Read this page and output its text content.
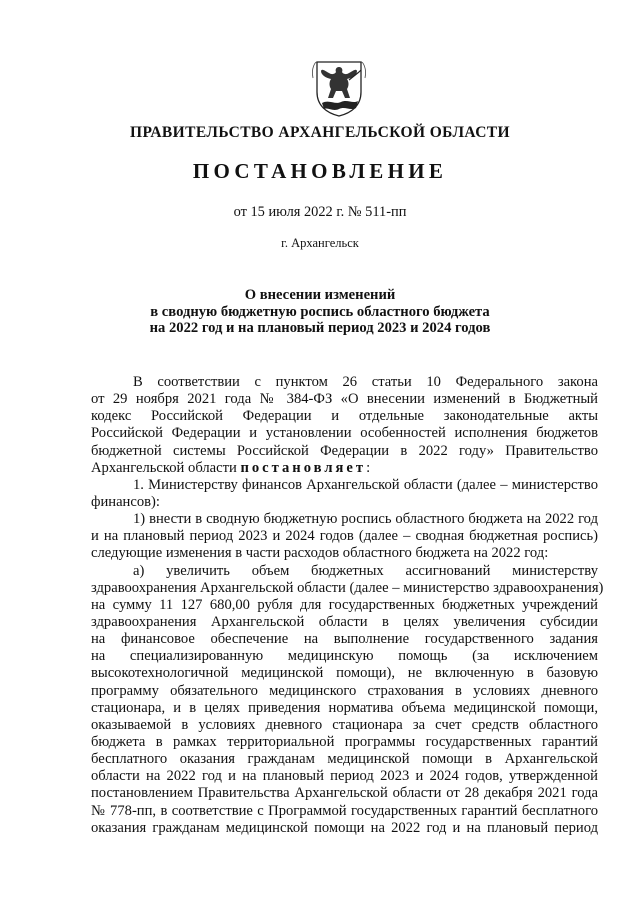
ПРАВИТЕЛЬСТВО АРХАНГЕЛЬСКОЙ ОБЛАСТИ
ПОСТАНОВЛЕНИЕ
от 15 июля 2022 г. № 511-пп
г. Архангельск
О внесении изменений
в сводную бюджетную роспись областного бюджета
на 2022 год и на плановый период 2023 и 2024 годов
В соответствии с пунктом 26 статьи 10 Федерального закона
от 29 ноября 2021 года № 384-ФЗ «О внесении изменений в Бюджетный
кодекс Российской Федерации и отдельные законодательные акты
Российской Федерации и установлении особенностей исполнения бюджетов
бюджетной системы Российской Федерации в 2022 году» Правительство
Архангельской области постановляет:
1. Министерству финансов Архангельской области (далее – министерство
финансов):
1) внести в сводную бюджетную роспись областного бюджета на 2022 год
и на плановый период 2023 и 2024 годов (далее – сводная бюджетная роспись)
следующие изменения в части расходов областного бюджета на 2022 год:
а) увеличить объем бюджетных ассигнований министерству
здравоохранения Архангельской области (далее – министерство здравоохранения)
на сумму 11 127 680,00 рубля для государственных бюджетных учреждений
здравоохранения Архангельской области в целях увеличения субсидии
на финансовое обеспечение на выполнение государственного задания
на специализированную медицинскую помощь (за исключением
высокотехнологичной медицинской помощи), не включенную в базовую
программу обязательного медицинского страхования в условиях дневного
стационара, и в целях приведения норматива объема медицинской помощи,
оказываемой в условиях дневного стационара за счет средств областного
бюджета в рамках территориальной программы государственных гарантий
бесплатного оказания гражданам медицинской помощи в Архангельской
области на 2022 год и на плановый период 2023 и 2024 годов, утвержденной
постановлением Правительства Архангельской области от 28 декабря 2021 года
№ 778-пп, в соответствие с Программой государственных гарантий бесплатного
оказания гражданам медицинской помощи на 2022 год и на плановый период
